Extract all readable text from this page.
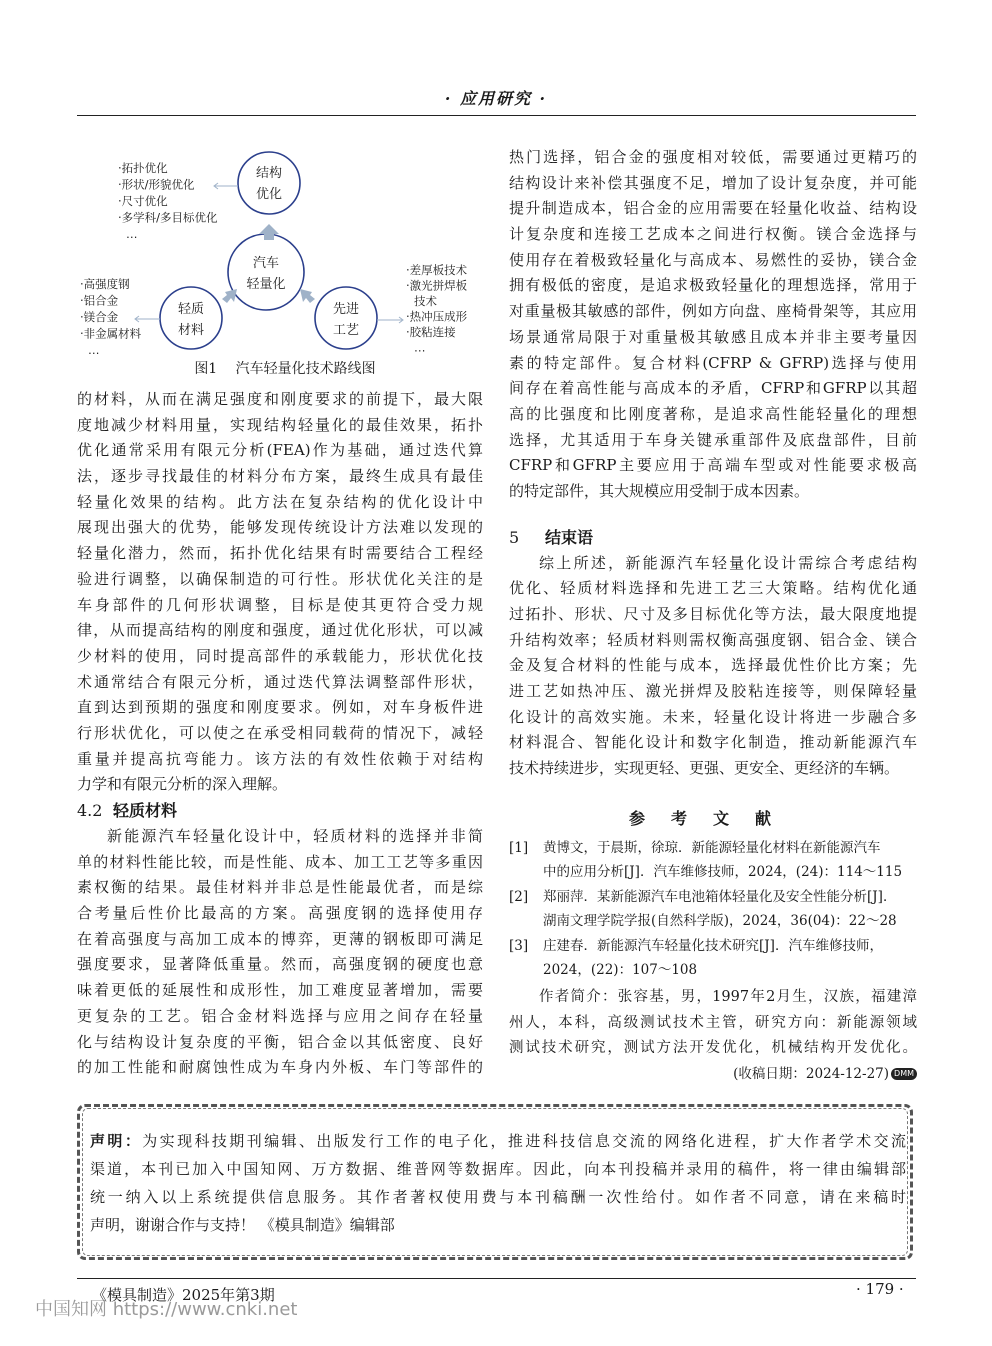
· 应用研究 ·
结构
优化
汽车
轻量化
轻质
材料
先进
工艺
·拓扑优化
·形状/形貌优化
·尺寸优化
·多学科/多目标优化
…
·高强度钢
·铝合金
·镁合金
·非金属材料
…
·差厚板技术
·激光拼焊板
技术
·热冲压成形
·胶粘连接
…
图1　 汽车轻量化技术路线图
的材料，从而在满足强度和刚度要求的前提下，最大限
度地减少材料用量，实现结构轻量化的最佳效果，拓扑
优化通常采用有限元分析(FEA)作为基础，通过迭代算
法，逐步寻找最佳的材料分布方案，最终生成具有最佳
轻量化效果的结构。此方法在复杂结构的优化设计中
展现出强大的优势，能够发现传统设计方法难以发现的
轻量化潜力，然而，拓扑优化结果有时需要结合工程经
验进行调整，以确保制造的可行性。形状优化关注的是
车身部件的几何形状调整，目标是使其更符合受力规
律，从而提高结构的刚度和强度，通过优化形状，可以减
少材料的使用，同时提高部件的承载能力，形状优化技
术通常结合有限元分析，通过迭代算法调整部件形状，
直到达到预期的强度和刚度要求。例如，对车身板件进
行形状优化，可以使之在承受相同载荷的情况下，减轻
重量并提高抗弯能力。该方法的有效性依赖于对结构
力学和有限元分析的深入理解。
4.2 轻质材料
新能源汽车轻量化设计中，轻质材料的选择并非简
单的材料性能比较，而是性能、成本、加工工艺等多重因
素权衡的结果。最佳材料并非总是性能最优者，而是综
合考量后性价比最高的方案。高强度钢的选择使用存
在着高强度与高加工成本的博弈，更薄的钢板即可满足
强度要求，显著降低重量。然而，高强度钢的硬度也意
味着更低的延展性和成形性，加工难度显著增加，需要
更复杂的工艺。铝合金材料选择与应用之间存在轻量
化与结构设计复杂度的平衡，铝合金以其低密度、良好
的加工性能和耐腐蚀性成为车身内外板、车门等部件的
热门选择，铝合金的强度相对较低，需要通过更精巧的
结构设计来补偿其强度不足，增加了设计复杂度，并可能
提升制造成本，铝合金的应用需要在轻量化收益、结构设
计复杂度和连接工艺成本之间进行权衡。镁合金选择与
使用存在着极致轻量化与高成本、易燃性的妥协，镁合金
拥有极低的密度，是追求极致轻量化的理想选择，常用于
对重量极其敏感的部件，例如方向盘、座椅骨架等，其应用
场景通常局限于对重量极其敏感且成本并非主要考量因
素的特定部件。复合材料(CFRP & GFRP)选择与使用
间存在着高性能与高成本的矛盾，CFRP和GFRP以其超
高的比强度和比刚度著称，是追求高性能轻量化的理想
选择，尤其适用于车身关键承重部件及底盘部件，目前
CFRP和GFRP主要应用于高端车型或对性能要求极高
的特定部件，其大规模应用受制于成本因素。
5 结束语
综上所述，新能源汽车轻量化设计需综合考虑结构
优化、轻质材料选择和先进工艺三大策略。结构优化通
过拓扑、形状、尺寸及多目标优化等方法，最大限度地提
升结构效率；轻质材料则需权衡高强度钢、铝合金、镁合
金及复合材料的性能与成本，选择最优性价比方案；先
进工艺如热冲压、激光拼焊及胶粘连接等，则保障轻量
化设计的高效实施。未来，轻量化设计将进一步融合多
材料混合、智能化设计和数字化制造，推动新能源汽车
技术持续进步，实现更轻、更强、更安全、更经济的车辆。
参考文献
[1] 黄博文，于晨斯，徐琼．新能源轻量化材料在新能源汽车
中的应用分析[J]．汽车维修技师，2024，(24)：114～115
[2] 郑丽萍．某新能源汽车电池箱体轻量化及安全性能分析[J]．
湖南文理学院学报(自然科学版)，2024，36(04)：22～28
[3] 庄建春．新能源汽车轻量化技术研究[J]．汽车维修技师，
2024，(22)：107～108
作者简介：张容基，男，1997年2月生，汉族，福建漳
州人，本科，高级测试技术主管，研究方向：新能源领域
测试技术研究，测试方法开发优化，机械结构开发优化。
(收稿日期：2024-12-27) DMM
声明：为实现科技期刊编辑、出版发行工作的电子化，推进科技信息交流的网络化进程，扩大作者学术交流
渠道，本刊已加入中国知网、万方数据、维普网等数据库。因此，向本刊投稿并录用的稿件，将一律由编辑部
统一纳入以上系统提供信息服务。其作者著权使用费与本刊稿酬一次性给付。如作者不同意，请在来稿时
声明，谢谢合作与支持！ 《模具制造》编辑部
《模具制造》2025年第3期	· 179 ·
中国知网 https://www.cnki.net
